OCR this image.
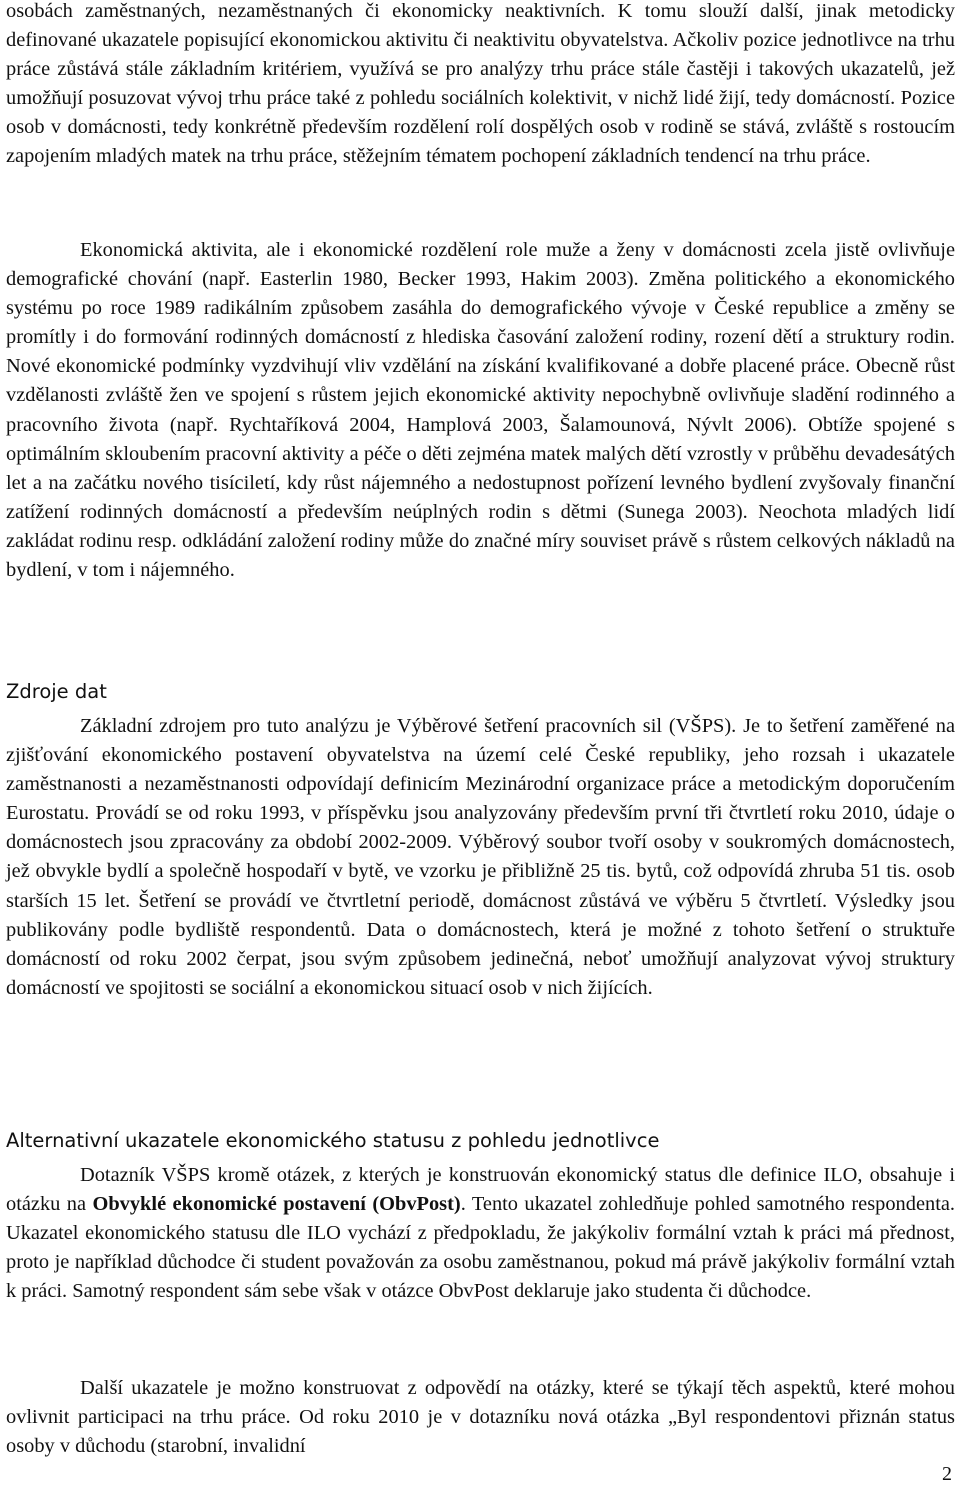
osobách zaměstnaných, nezaměstnaných či ekonomicky neaktivních. K tomu slouží další, jinak metodicky definované ukazatele popisující ekonomickou aktivitu či neaktivitu obyvatelstva. Ačkoliv pozice jednotlivce na trhu práce zůstává stále základním kritériem, využívá se pro analýzy trhu práce stále častěji i takových ukazatelů, jež umožňují posuzovat vývoj trhu práce také z pohledu sociálních kolektivit, v nichž lidé žijí, tedy domácností. Pozice osob v domácnosti, tedy konkrétně především rozdělení rolí dospělých osob v rodině se stává, zvláště s rostoucím zapojením mladých matek na trhu práce, stěžejním tématem pochopení základních tendencí na trhu práce.

Ekonomická aktivita, ale i ekonomické rozdělení role muže a ženy v domácnosti zcela jistě ovlivňuje demografické chování (např. Easterlin 1980, Becker 1993, Hakim 2003). Změna politického a ekonomického systému po roce 1989 radikálním způsobem zasáhla do demografického vývoje v České republice a změny se promítly i do formování rodinných domácností z hlediska časování založení rodiny, rození dětí a struktury rodin. Nové ekonomické podmínky vyzdvihují vliv vzdělání na získání kvalifikované a dobře placené práce. Obecně růst vzdělanosti zvláště žen ve spojení s růstem jejich ekonomické aktivity nepochybně ovlivňuje sladění rodinného a pracovního života (např. Rychtaříková 2004, Hamplová 2003, Šalamounová, Nývlt 2006). Obtíže spojené s optimálním skloubením pracovní aktivity a péče o děti zejména matek malých dětí vzrostly v průběhu devadesátých let a na začátku nového tisíciletí, kdy růst nájemného a nedostupnost pořízení levného bydlení zvyšovaly finanční zatížení rodinných domácností a především neúplných rodin s dětmi (Sunega 2003). Neochota mladých lidí zakládat rodinu resp. odkládání založení rodiny může do značné míry souviset právě s růstem celkových nákladů na bydlení, v tom i nájemného.

Zdroje dat

Základní zdrojem pro tuto analýzu je Výběrové šetření pracovních sil (VŠPS). Je to šetření zaměřené na zjišťování ekonomického postavení obyvatelstva na území celé České republiky, jeho rozsah i ukazatele zaměstnanosti a nezaměstnanosti odpovídají definicím Mezinárodní organizace práce a metodickým doporučením Eurostatu. Provádí se od roku 1993, v příspěvku jsou analyzovány především první tři čtvrtletí roku 2010, údaje o domácnostech jsou zpracovány za období 2002-2009. Výběrový soubor tvoří osoby v soukromých domácnostech, jež obvykle bydlí a společně hospodaří v bytě, ve vzorku je přibližně 25 tis. bytů, což odpovídá zhruba 51 tis. osob starších 15 let. Šetření se provádí ve čtvrtletní periodě, domácnost zůstává ve výběru 5 čtvrtletí. Výsledky jsou publikovány podle bydliště respondentů. Data o domácnostech, která je možné z tohoto šetření o struktuře domácností od roku 2002 čerpat, jsou svým způsobem jedinečná, neboť umožňují analyzovat vývoj struktury domácností ve spojitosti se sociální a ekonomickou situací osob v nich žijících.

Alternativní ukazatele ekonomického statusu z pohledu jednotlivce

Dotazník VŠPS kromě otázek, z kterých je konstruován ekonomický status dle definice ILO, obsahuje i otázku na Obvyklé ekonomické postavení (ObvPost). Tento ukazatel zohledňuje pohled samotného respondenta. Ukazatel ekonomického statusu dle ILO vychází z předpokladu, že jakýkoliv formální vztah k práci má přednost, proto je například důchodce či student považován za osobu zaměstnanou, pokud má právě jakýkoliv formální vztah k práci. Samotný respondent sám sebe však v otázce ObvPost deklaruje jako studenta či důchodce.

Další ukazatele je možno konstruovat z odpovědí na otázky, které se týkají těch aspektů, které mohou ovlivnit participaci na trhu práce. Od roku 2010 je v dotazníku nová otázka „Byl respondentovi přiznán status osoby v důchodu (starobní, invalidní

2
